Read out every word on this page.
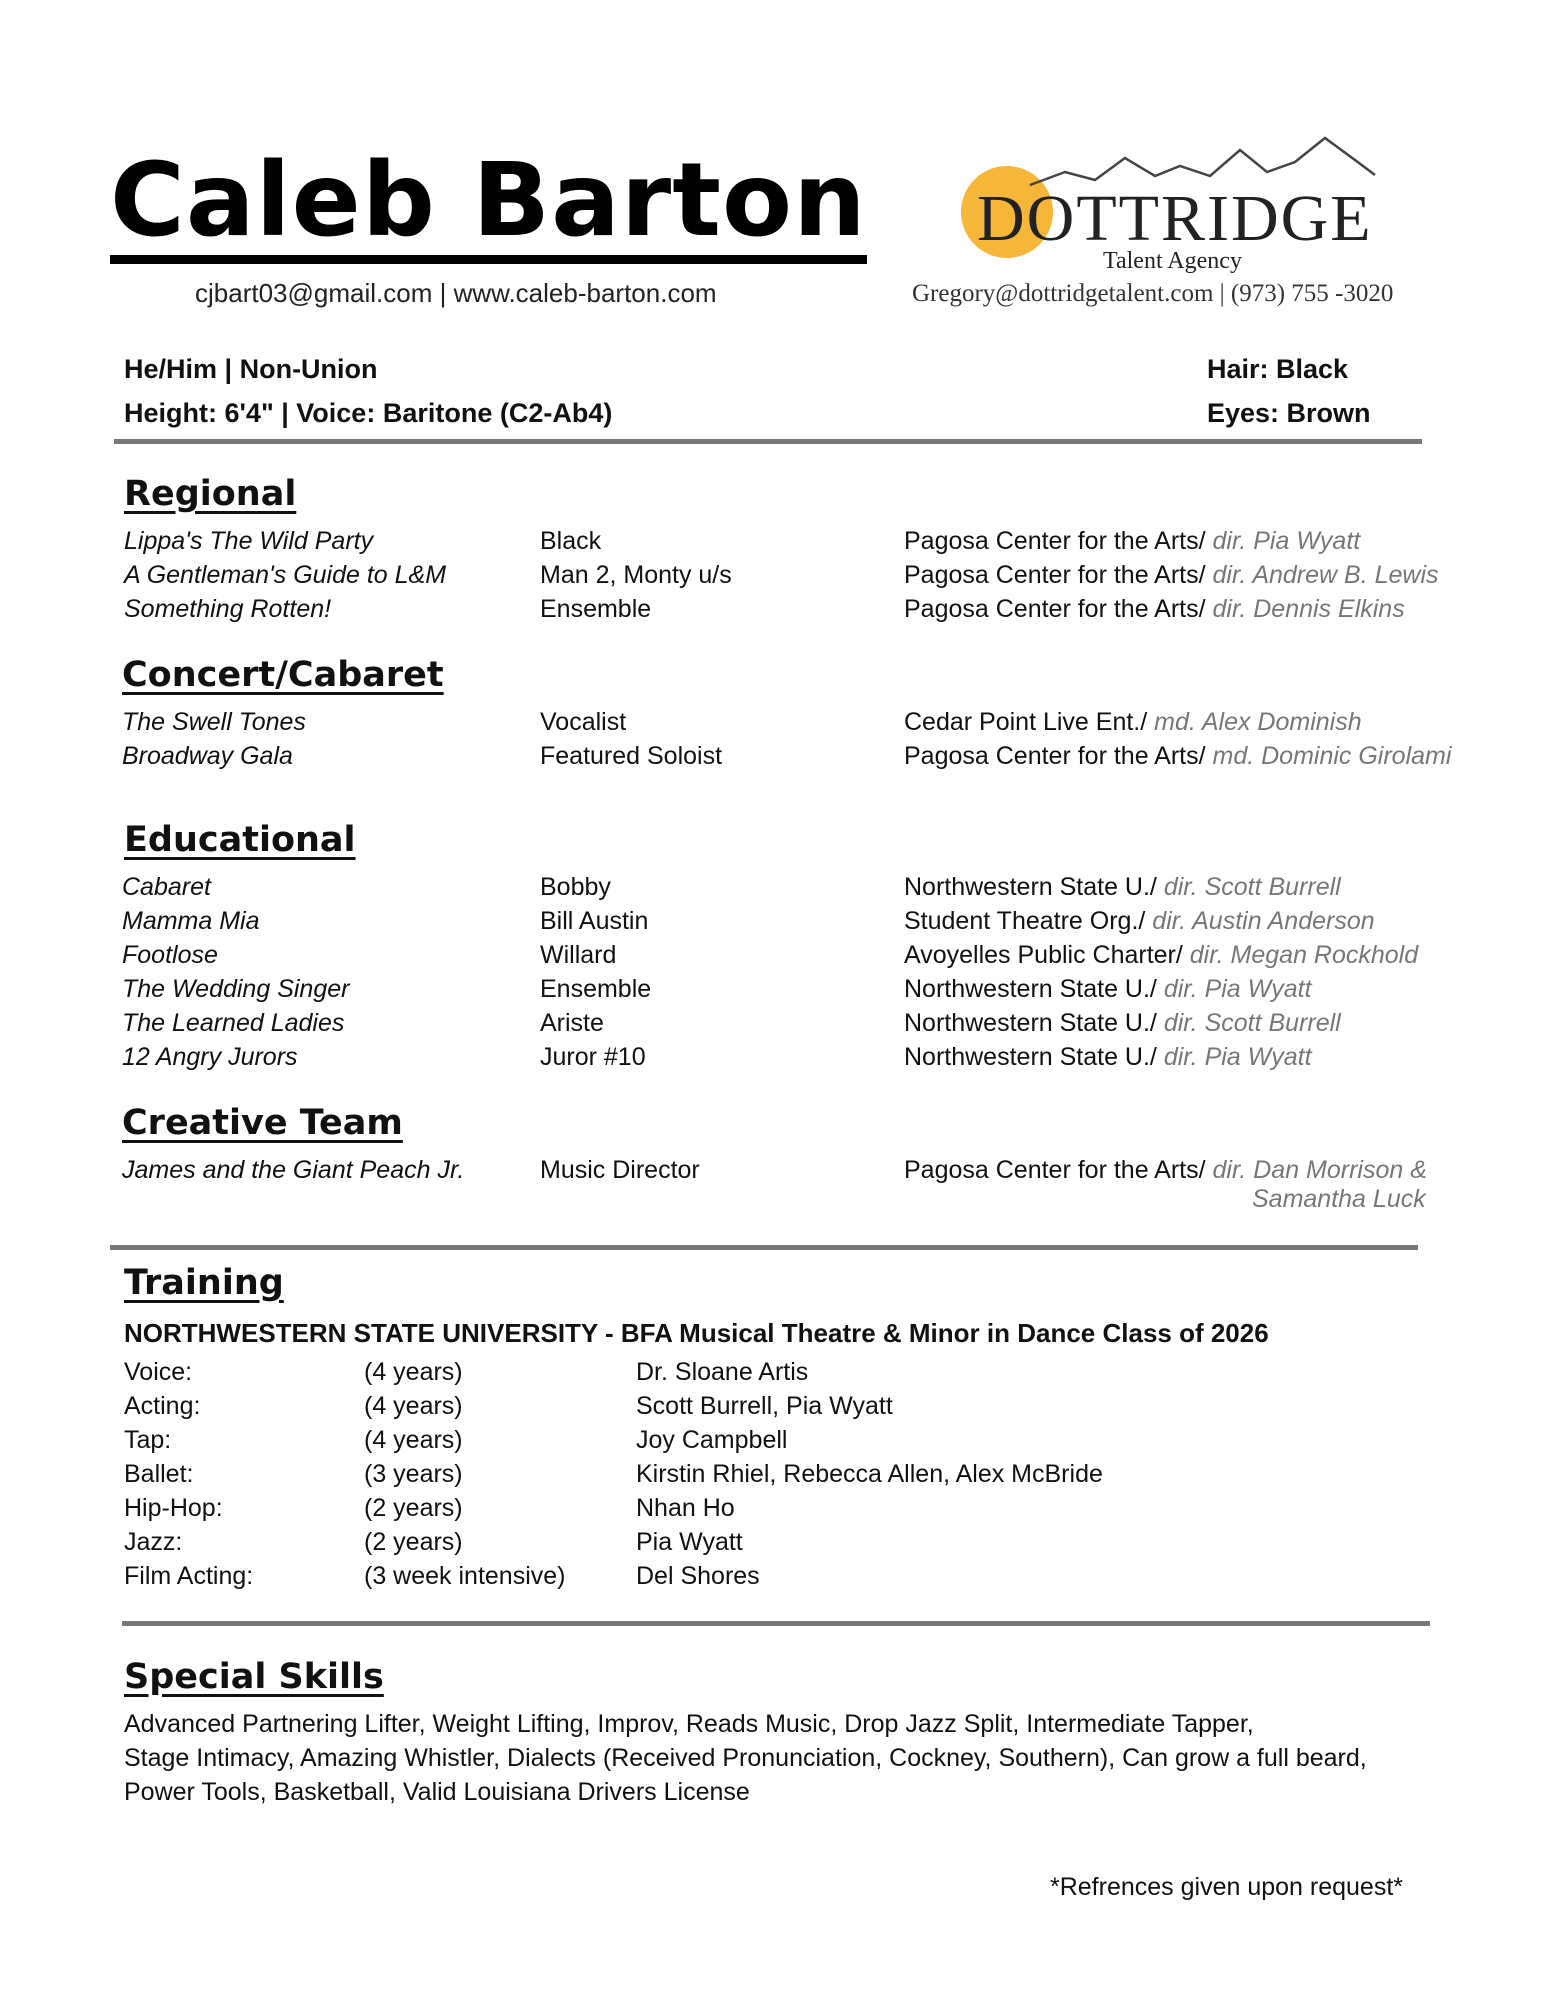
Caleb Barton
cjbart03@gmail.com | www.caleb-barton.com
DOTTRIDGE
Talent Agency
Gregory@dottridgetalent.com | (973) 755 -3020
He/Him | Non-Union
Height: 6'4" | Voice: Baritone (C2-Ab4)
Hair: Black
Eyes: Brown
Regional
Lippa's The Wild Party	Black	Pagosa Center for the Arts/ dir. Pia Wyatt
A Gentleman's Guide to L&M	Man 2, Monty u/s	Pagosa Center for the Arts/ dir. Andrew B. Lewis
Something Rotten!	Ensemble	Pagosa Center for the Arts/ dir. Dennis Elkins
Concert/Cabaret
The Swell Tones	Vocalist	Cedar Point Live Ent./ md. Alex Dominish
Broadway Gala	Featured Soloist	Pagosa Center for the Arts/ md. Dominic Girolami
Educational
Cabaret	Bobby	Northwestern State U./ dir. Scott Burrell
Mamma Mia	Bill Austin	Student Theatre Org./ dir. Austin Anderson
Footlose	Willard	Avoyelles Public Charter/ dir. Megan Rockhold
The Wedding Singer	Ensemble	Northwestern State U./ dir. Pia Wyatt
The Learned Ladies	Ariste	Northwestern State U./ dir. Scott Burrell
12 Angry Jurors	Juror #10	Northwestern State U./ dir. Pia Wyatt
Creative Team
James and the Giant Peach Jr.	Music Director	Pagosa Center for the Arts/ dir. Dan Morrison &
Samantha Luck
Training
NORTHWESTERN STATE UNIVERSITY - BFA Musical Theatre & Minor in Dance Class of 2026
Voice:	(4 years)	Dr. Sloane Artis
Acting:	(4 years)	Scott Burrell, Pia Wyatt
Tap:	(4 years)	Joy Campbell
Ballet:	(3 years)	Kirstin Rhiel, Rebecca Allen, Alex McBride
Hip-Hop:	(2 years)	Nhan Ho
Jazz:	(2 years)	Pia Wyatt
Film Acting:	(3 week intensive)	Del Shores
Special Skills
Advanced Partnering Lifter, Weight Lifting, Improv, Reads Music, Drop Jazz Split, Intermediate Tapper,
Stage Intimacy, Amazing Whistler, Dialects (Received Pronunciation, Cockney, Southern), Can grow a full beard,
Power Tools, Basketball, Valid Louisiana Drivers License
*Refrences given upon request*
